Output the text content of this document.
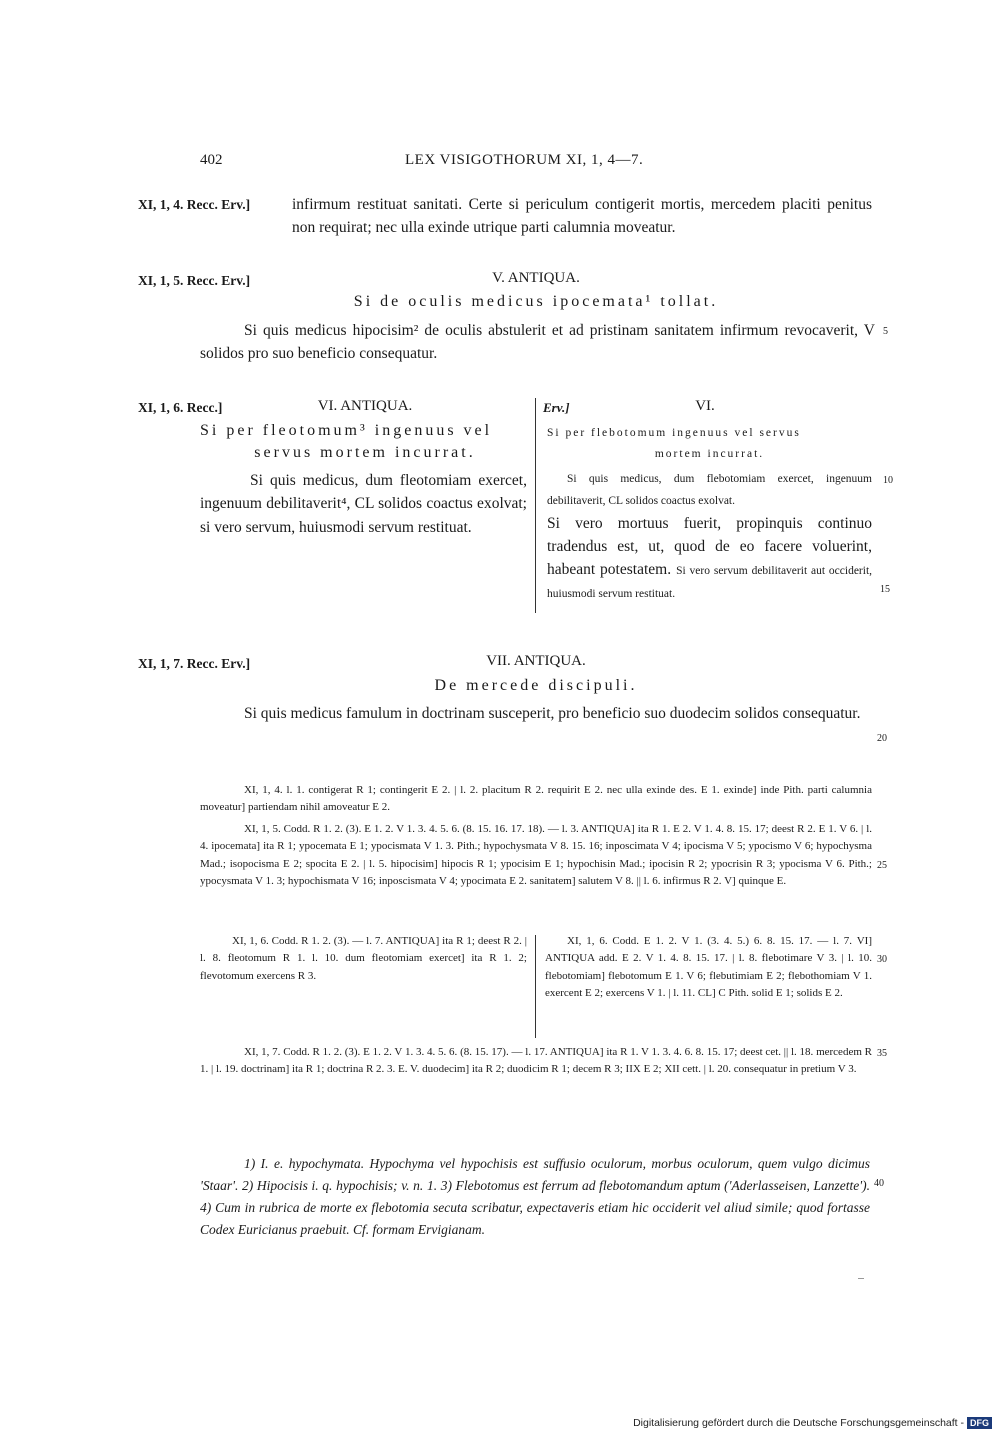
402	LEX VISIGOTHORUM XI, 1, 4—7.
XI, 1, 4. Recc. Erv.]	infirmum restituat sanitati. Certe si periculum contigerit mortis, mercedem placiti penitus non requirat; nec ulla exinde utrique parti calumnia moveatur.
XI, 1, 5. Recc. Erv.]	V. ANTIQUA.
Si de oculis medicus ipocemata¹ tollat.
Si quis medicus hipocisim² de oculis abstulerit et ad pristinam sanitatem infirmum revocaverit, V solidos pro suo beneficio consequatur.
5
XI, 1, 6. Recc.]	VI. ANTIQUA.
Si per fleotomum³ ingenuus vel
servus mortem incurrat.
Si quis medicus, dum fleotomiam exercet, ingenuum debilitaverit⁴, CL solidos coactus exolvat; si vero servum, huiusmodi servum restituat.
Erv.]	VI.
Si per flebotomum ingenuus vel servus
mortem incurrat.
Si quis medicus, dum flebotomiam exercet, ingenuum debilitaverit, CL solidos coactus exolvat.
Si vero mortuus fuerit, propinquis continuo tradendus est, ut, quod de eo facere voluerint, habeant potestatem. Si vero servum debilitaverit aut occiderit, huiusmodi servum restituat.
10
15
XI, 1, 7. Recc. Erv.]	VII. ANTIQUA.
De mercede discipuli.
Si quis medicus famulum in doctrinam susceperit, pro beneficio suo duodecim solidos consequatur.
20
XI, 1, 4. l. 1. contigerat R 1; contingerit E 2. | l. 2. placitum R 2. requirit E 2. nec ulla exinde des. E 1. exinde] inde Pith. parti calumnia moveatur] partiendam nihil amoveatur E 2.
XI, 1, 5. Codd. R 1. 2. (3). E 1. 2. V 1. 3. 4. 5. 6. (8. 15. 16. 17. 18). — l. 3. ANTIQUA] ita R 1. E 2. V 1. 4. 8. 15. 17; deest R 2. E 1. V 6. | l. 4. ipocemata] ita R 1; ypocemata E 1; ypocismata V 1. 3. Pith.; hypochysmata V 8. 15. 16; inposcimata V 4; ipocisma V 5; ypocismo V 6; hypochysma Mad.; isopocisma E 2; spocita E 2. | l. 5. hipocisim] hipocis R 1; ypocisim E 1; hypochisin Mad.; ipocisin R 2; ypocrisin R 3; ypocisma V 6. Pith.; ypocysmata V 1. 3; hypochismata V 16; inposcismata V 4; ypocimata E 2. sanitatem] salutem V 8. || l. 6. infirmus R 2. V] quinque E.
25
XI, 1, 6. Codd. R 1. 2. (3). — l. 7. ANTIQUA] ita R 1; deest R 2. | l. 8. fleotomum R 1. l. 10. dum fleotomiam exercet] ita R 1. 2; flevotomum exercens R 3.
XI, 1, 6. Codd. E 1. 2. V 1. (3. 4. 5.) 6. 8. 15. 17. — l. 7. VI] ANTIQUA add. E 2. V 1. 4. 8. 15. 17. | l. 8. flebotimare V 3. | l. 10. flebotomiam] flebotomum E 1. V 6; flebutimiam E 2; flebothomiam V 1. exercent E 2; exercens V 1. | l. 11. CL] C Pith. solid E 1; solids E 2.
30
XI, 1, 7. Codd. R 1. 2. (3). E 1. 2. V 1. 3. 4. 5. 6. (8. 15. 17). — l. 17. ANTIQUA] ita R 1. V 1. 3. 4. 6. 8. 15. 17; deest cet. || l. 18. mercedem R 1. | l. 19. doctrinam] ita R 1; doctrina R 2. 3. E. V. duodecim] ita R 2; duodicim R 1; decem R 3; IIX E 2; XII cett. | l. 20. consequatur in pretium V 3.
35
1) I. e. hypochymata. Hypochyma vel hypochisis est suffusio oculorum, morbus oculorum, quem vulgo dicimus 'Staar'. 2) Hipocisis i. q. hypochisis; v. n. 1. 3) Flebotomus est ferrum ad flebotomandum aptum ('Aderlasseisen, Lanzette'). 4) Cum in rubrica de morte ex flebotomia secuta scribatur, expectaveris etiam hic occiderit vel aliud simile; quod fortasse Codex Euricianus praebuit. Cf. formam Ervigianam.
40
Digitalisierung gefördert durch die Deutsche Forschungsgemeinschaft - DFG
